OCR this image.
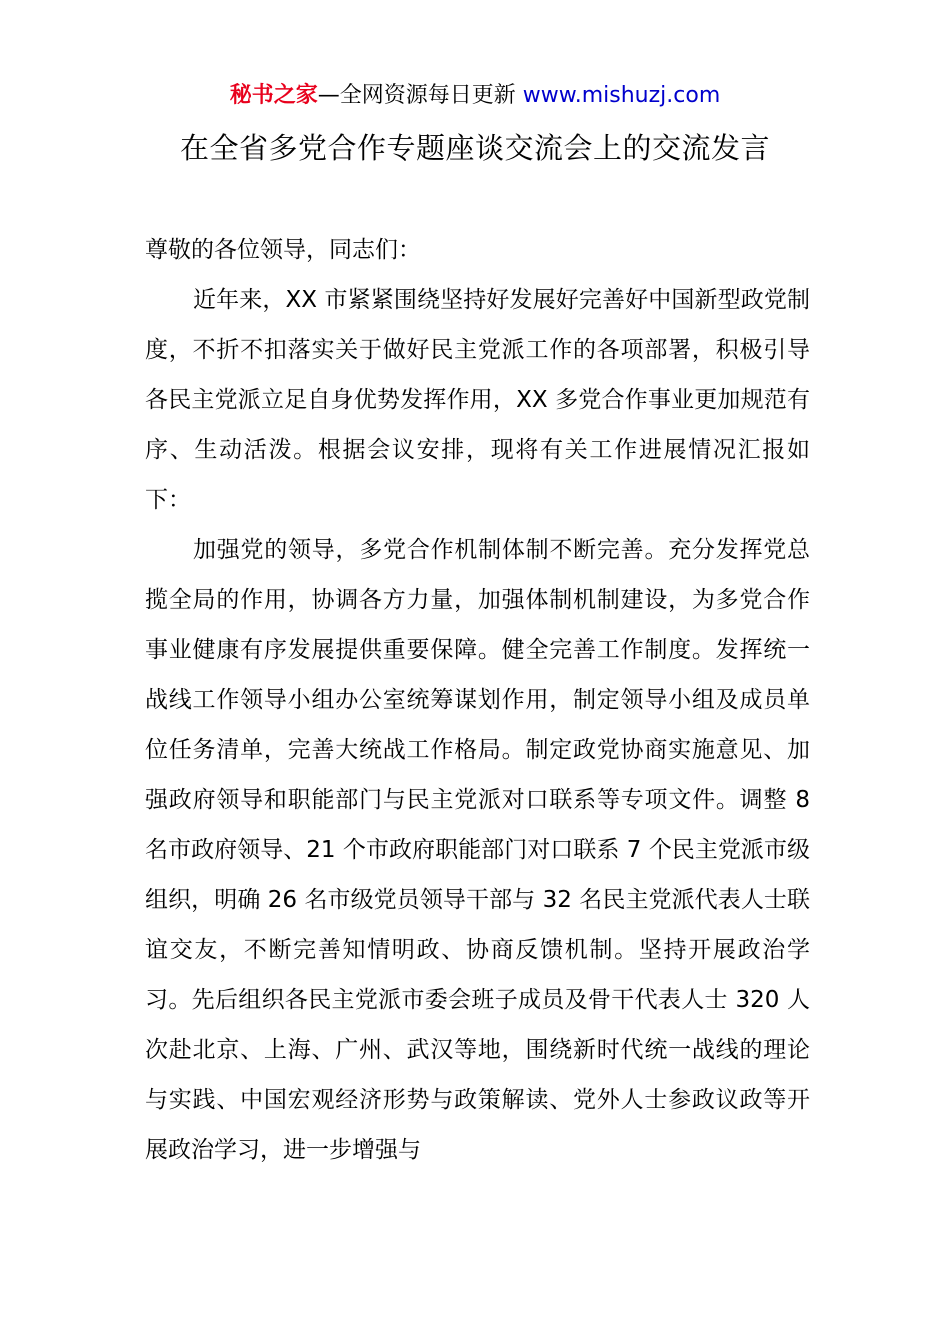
秘书之家—全网资源每日更新 www.mishuzj.com
在全省多党合作专题座谈交流会上的交流发言

尊敬的各位领导，同志们：

近年来，XX 市紧紧围绕坚持好发展好完善好中国新型政党制度，不折不扣落实关于做好民主党派工作的各项部署，积极引导各民主党派立足自身优势发挥作用，XX 多党合作事业更加规范有序、生动活泼。根据会议安排，现将有关工作进展情况汇报如下：

加强党的领导，多党合作机制体制不断完善。充分发挥党总揽全局的作用，协调各方力量，加强体制机制建设，为多党合作事业健康有序发展提供重要保障。健全完善工作制度。发挥统一战线工作领导小组办公室统筹谋划作用，制定领导小组及成员单位任务清单，完善大统战工作格局。制定政党协商实施意见、加强政府领导和职能部门与民主党派对口联系等专项文件。调整 8 名市政府领导、21 个市政府职能部门对口联系 7 个民主党派市级组织，明确 26 名市级党员领导干部与 32 名民主党派代表人士联谊交友，不断完善知情明政、协商反馈机制。坚持开展政治学习。先后组织各民主党派市委会班子成员及骨干代表人士 320 人次赴北京、上海、广州、武汉等地，围绕新时代统一战线的理论与实践、中国宏观经济形势与政策解读、党外人士参政议政等开展政治学习，进一步增强与
